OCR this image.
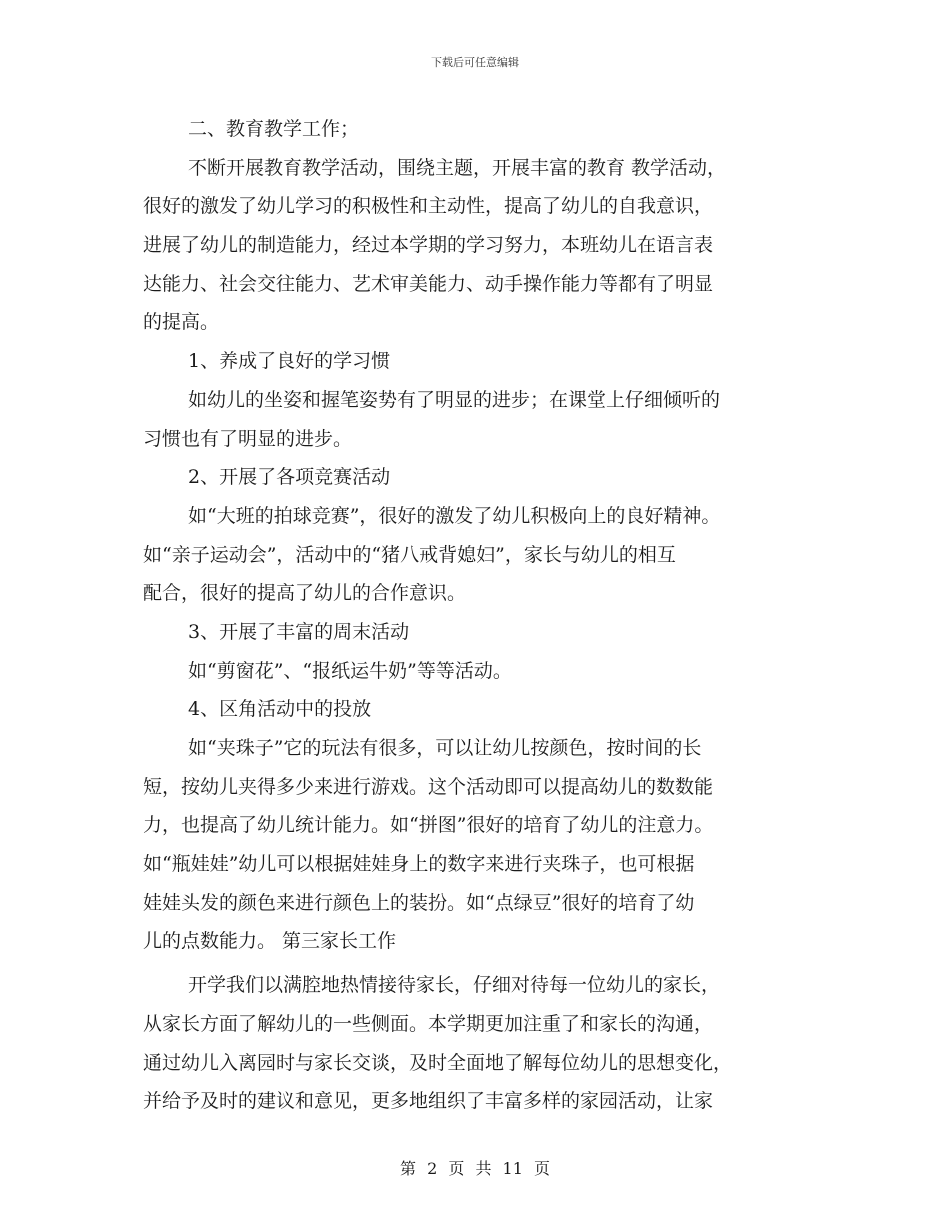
下载后可任意编辑
二、教育教学工作；
不断开展教育教学活动，围绕主题，开展丰富的教育 教学活动，
很好的激发了幼儿学习的积极性和主动性，提高了幼儿的自我意识，
进展了幼儿的制造能力，经过本学期的学习努力，本班幼儿在语言表
达能力、社会交往能力、艺术审美能力、动手操作能力等都有了明显
的提高。
1、养成了良好的学习惯
如幼儿的坐姿和握笔姿势有了明显的进步；在课堂上仔细倾听的
习惯也有了明显的进步。
2、开展了各项竞赛活动
如“大班的拍球竞赛”，很好的激发了幼儿积极向上的良好精神。
如“亲子运动会”，活动中的“猪八戒背媳妇”，家长与幼儿的相互
配合，很好的提高了幼儿的合作意识。
3、开展了丰富的周末活动
如“剪窗花”、“报纸运牛奶”等等活动。
4、区角活动中的投放
如“夹珠子”它的玩法有很多，可以让幼儿按颜色，按时间的长
短，按幼儿夹得多少来进行游戏。这个活动即可以提高幼儿的数数能
力，也提高了幼儿统计能力。如“拼图”很好的培育了幼儿的注意力。
如“瓶娃娃”幼儿可以根据娃娃身上的数字来进行夹珠子，也可根据
娃娃头发的颜色来进行颜色上的装扮。如“点绿豆”很好的培育了幼
儿的点数能力。 第三家长工作
开学我们以满腔地热情接待家长，仔细对待每一位幼儿的家长，
从家长方面了解幼儿的一些侧面。本学期更加注重了和家长的沟通，
通过幼儿入离园时与家长交谈，及时全面地了解每位幼儿的思想变化，
并给予及时的建议和意见，更多地组织了丰富多样的家园活动，让家
第 2 页 共 11 页
